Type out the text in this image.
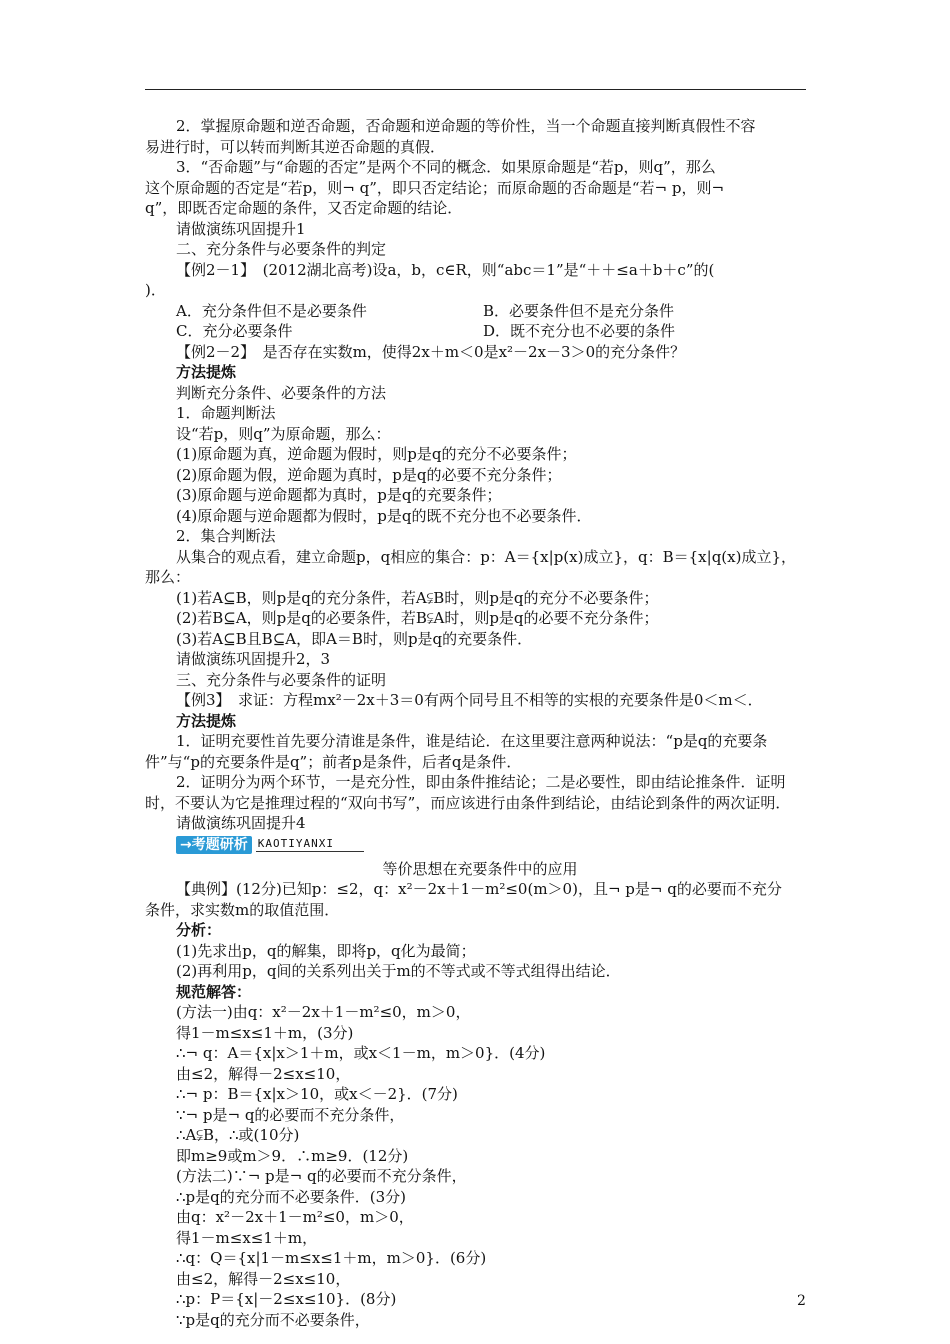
2．掌握原命题和逆否命题，否命题和逆命题的等价性，当一个命题直接判断真假性不容

易进行时，可以转而判断其逆否命题的真假．

3．“否命题”与“命题的否定”是两个不同的概念．如果原命题是“若p，则q”，那么

这个原命题的否定是“若p，则¬ q”，即只否定结论；而原命题的否命题是“若¬ p，则¬

q”，即既否定命题的条件，又否定命题的结论．

请做演练巩固提升1

二、充分条件与必要条件的判定

【例2－1】　(2012湖北高考)设a，b，c∈R，则“abc＝1”是“＋＋≤a＋b＋c”的(

)．

A．充分条件但不是必要条件	B．必要条件但不是充分条件
C．充分必要条件	D．既不充分也不必要的条件

【例2－2】　是否存在实数m，使得2x＋m＜0是x²－2x－3＞0的充分条件？

方法提炼

判断充分条件、必要条件的方法

1．命题判断法

设“若p，则q”为原命题，那么：

(1)原命题为真，逆命题为假时，则p是q的充分不必要条件；

(2)原命题为假，逆命题为真时，p是q的必要不充分条件；

(3)原命题与逆命题都为真时，p是q的充要条件；

(4)原命题与逆命题都为假时，p是q的既不充分也不必要条件．

2．集合判断法

从集合的观点看，建立命题p，q相应的集合：p：A＝{x|p(x)成立}，q：B＝{x|q(x)成立}，

那么：

(1)若A⊆B，则p是q的充分条件，若A⫋B时，则p是q的充分不必要条件；

(2)若B⊆A，则p是q的必要条件，若B⫋A时，则p是q的必要不充分条件；

(3)若A⊆B且B⊆A，即A＝B时，则p是q的充要条件．

请做演练巩固提升2，3

三、充分条件与必要条件的证明

【例3】　求证：方程mx²－2x＋3＝0有两个同号且不相等的实根的充要条件是0＜m＜．

方法提炼

1．证明充要性首先要分清谁是条件，谁是结论．在这里要注意两种说法：“p是q的充要条件”与“p的充要条件是q”；前者p是条件，后者q是条件．

2．证明分为两个环节，一是充分性，即由条件推结论；二是必要性，即由结论推条件．证明时，不要认为它是推理过程的“双向书写”，而应该进行由条件到结论，由结论到条件的两次证明．

请做演练巩固提升4

→考题研析 KAOTIYANXI

等价思想在充要条件中的应用

【典例】(12分)已知p：≤2，q：x²－2x＋1－m²≤0(m＞0)，且¬ p是¬ q的必要而不充分

条件，求实数m的取值范围．

分析：

(1)先求出p，q的解集，即将p，q化为最简；

(2)再利用p，q间的关系列出关于m的不等式或不等式组得出结论．

规范解答：

(方法一)由q：x²－2x＋1－m²≤0，m＞0，

得1－m≤x≤1＋m，(3分)

∴¬ q：A＝{x|x＞1＋m，或x＜1－m，m＞0}．(4分)

由≤2，解得－2≤x≤10，

∴¬ p：B＝{x|x＞10，或x＜－2}．(7分)

∵¬ p是¬ q的必要而不充分条件，

∴A⫋B，∴或(10分)

即m≥9或m＞9．∴m≥9．(12分)

(方法二)∵¬ p是¬ q的必要而不充分条件，

∴p是q的充分而不必要条件．(3分)

由q：x²－2x＋1－m²≤0，m＞0，

得1－m≤x≤1＋m，

∴q：Q＝{x|1－m≤x≤1＋m，m＞0}．(6分)

由≤2，解得－2≤x≤10，

∴p：P＝{x|－2≤x≤10}．(8分)

∵p是q的充分而不必要条件，

2
